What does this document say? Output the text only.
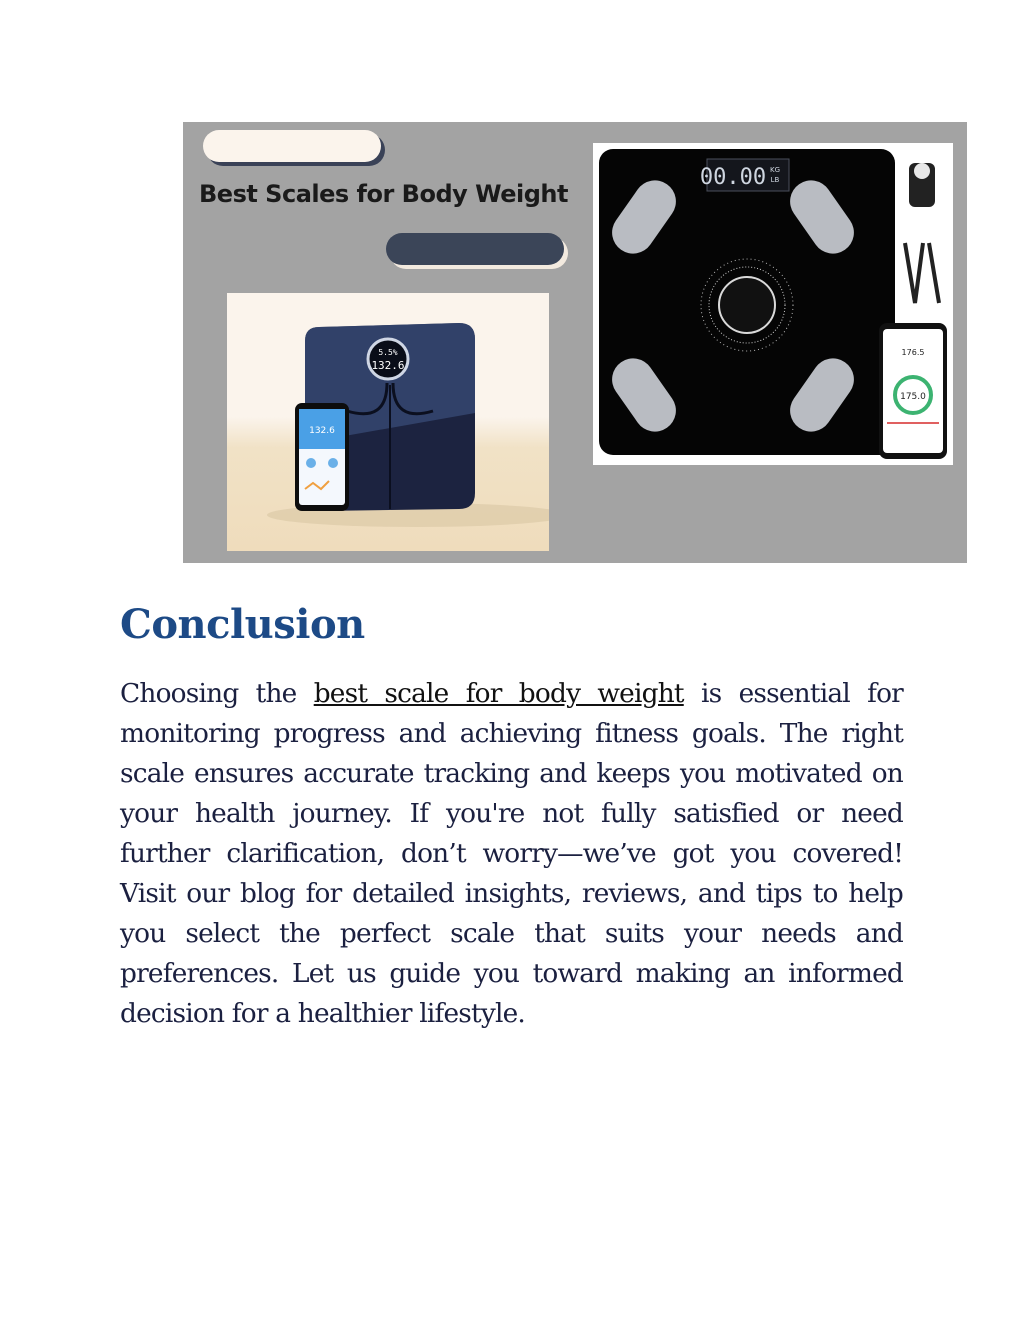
Best Scales for Body Weight
5.5%
132.6
132.6
00.00 KG
LB
176.5
175.0
Conclusion

Choosing the best scale for body weight is essential for monitoring progress and achieving fitness goals. The right scale ensures accurate tracking and keeps you motivated on your health journey. If you're not fully satisfied or need further clarification, don’t worry—we’ve got you covered! Visit our blog for detailed insights, reviews, and tips to help you select the perfect scale that suits your needs and preferences. Let us guide you toward making an informed decision for a healthier lifestyle.
